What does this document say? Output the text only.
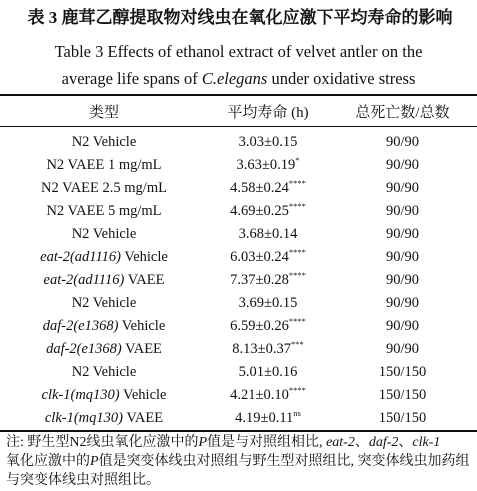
表 3 鹿茸乙醇提取物对线虫在氧化应激下平均寿命的影响
Table 3 Effects of ethanol extract of velvet antler on the
average life spans of C.elegans under oxidative stress
类型	平均寿命 (h)	总死亡数/总数
N2 Vehicle	3.03±0.15	90/90
N2 VAEE 1 mg/mL	3.63±0.19*	90/90
N2 VAEE 2.5 mg/mL	4.58±0.24****	90/90
N2 VAEE 5 mg/mL	4.69±0.25****	90/90
N2 Vehicle	3.68±0.14	90/90
eat-2(ad1116) Vehicle	6.03±0.24****	90/90
eat-2(ad1116) VAEE	7.37±0.28****	90/90
N2 Vehicle	3.69±0.15	90/90
daf-2(e1368) Vehicle	6.59±0.26****	90/90
daf-2(e1368) VAEE	8.13±0.37***	90/90
N2 Vehicle	5.01±0.16	150/150
clk-1(mq130) Vehicle	4.21±0.10****	150/150
clk-1(mq130) VAEE	$4.19\pm 0.11^{ns}$	150/150
注: 野生型N2线虫氧化应激中的P值是与对照组相比, eat-2、daf-2、clk-1
氧化应激中的P值是突变体线虫对照组与野生型对照组比, 突变体线虫加药组与突变体线虫对照组比。
